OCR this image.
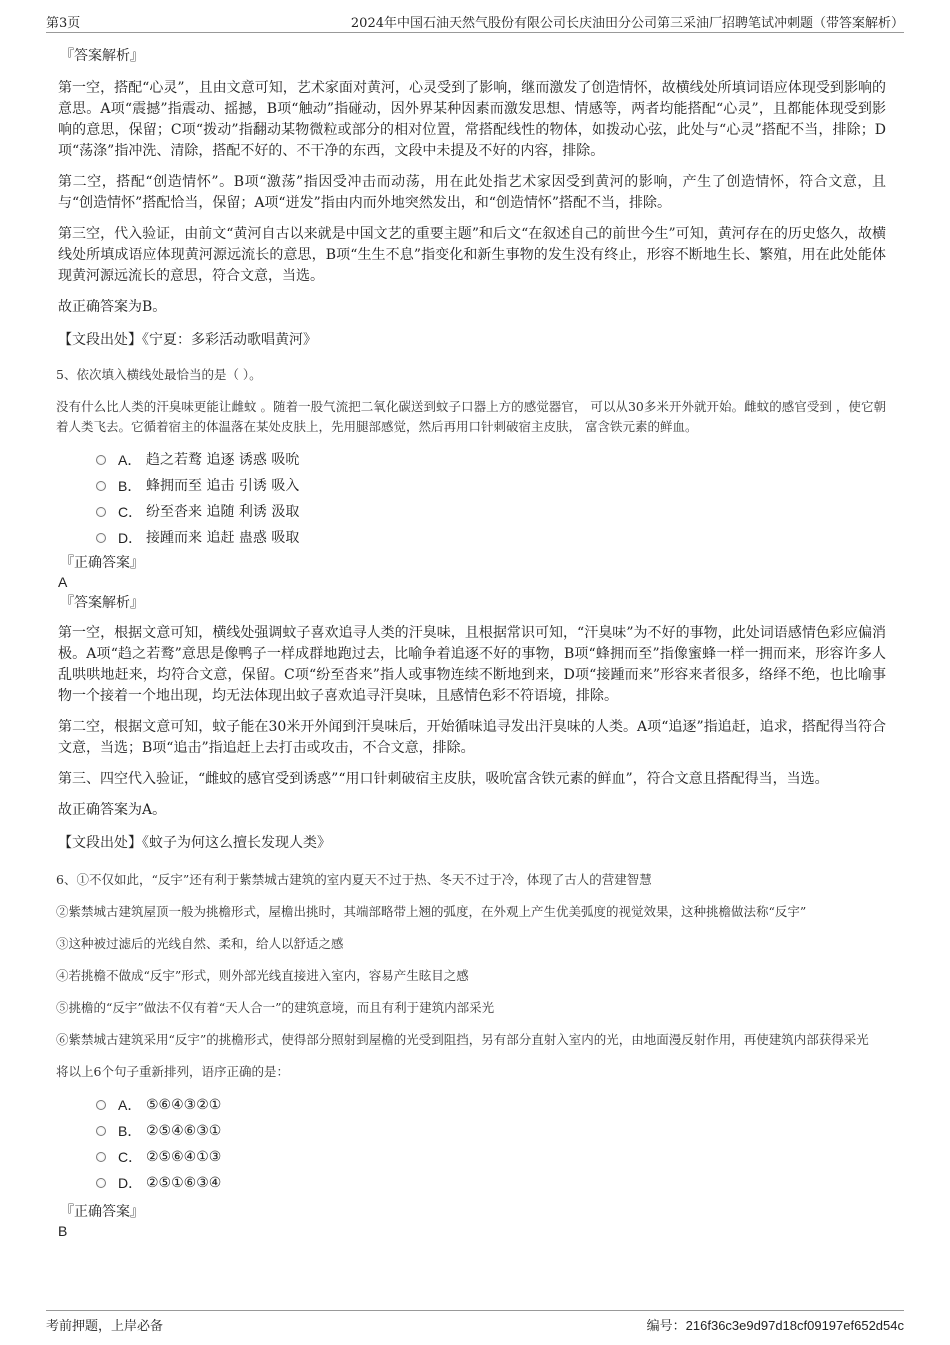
第3页	2024年中国石油天然气股份有限公司长庆油田分公司第三采油厂招聘笔试冲刺题（带答案解析）
『答案解析』
第一空，搭配“心灵”，且由文意可知，艺术家面对黄河，心灵受到了影响，继而激发了创造情怀，故横线处所填词语应体现受到影响的意思。A项“震撼”指震动、摇撼，B项“触动”指碰动，因外界某种因素而激发思想、情感等，两者均能搭配“心灵”，且都能体现受到影响的意思，保留；C项“拨动”指翻动某物微粒或部分的相对位置，常搭配线性的物体，如拨动心弦，此处与“心灵”搭配不当，排除；D项“荡涤”指冲洗、清除，搭配不好的、不干净的东西，文段中未提及不好的内容，排除。
第二空，搭配“创造情怀”。B项“激荡”指因受冲击而动荡，用在此处指艺术家因受到黄河的影响，产生了创造情怀，符合文意，且与“创造情怀”搭配恰当，保留；A项“迸发”指由内而外地突然发出，和“创造情怀”搭配不当，排除。
第三空，代入验证，由前文“黄河自古以来就是中国文艺的重要主题”和后文“在叙述自己的前世今生”可知，黄河存在的历史悠久，故横线处所填成语应体现黄河源远流长的意思，B项“生生不息”指变化和新生事物的发生没有终止，形容不断地生长、繁殖，用在此处能体现黄河源远流长的意思，符合文意，当选。
故正确答案为B。
【文段出处】《宁夏：多彩活动歌唱黄河》
5、依次填入横线处最恰当的是（ ）。
没有什么比人类的汗臭味更能让雌蚊 。随着一股气流把二氧化碳送到蚊子口器上方的感觉器官， 可以从30多米开外就开始。雌蚊的感官受到 ，使它朝着人类飞去。它循着宿主的体温落在某处皮肤上，先用腿部感觉，然后再用口针刺破宿主皮肤， 富含铁元素的鲜血。
A． 趋之若鹜 追逐 诱惑 吸吮
B． 蜂拥而至 追击 引诱 吸入
C． 纷至沓来 追随 利诱 汲取
D． 接踵而来 追赶 蛊惑 吸取
『正确答案』
A
『答案解析』
第一空，根据文意可知，横线处强调蚊子喜欢追寻人类的汗臭味，且根据常识可知，“汗臭味”为不好的事物，此处词语感情色彩应偏消极。A项“趋之若鹜”意思是像鸭子一样成群地跑过去，比喻争着追逐不好的事物，B项“蜂拥而至”指像蜜蜂一样一拥而来，形容许多人乱哄哄地赶来，均符合文意，保留。C项“纷至沓来”指人或事物连续不断地到来，D项“接踵而来”形容来者很多，络绎不绝，也比喻事物一个接着一个地出现，均无法体现出蚊子喜欢追寻汗臭味，且感情色彩不符语境，排除。
第二空，根据文意可知，蚊子能在30米开外闻到汗臭味后，开始循味追寻发出汗臭味的人类。A项“追逐”指追赶，追求，搭配得当符合文意，当选；B项“追击”指追赶上去打击或攻击，不合文意，排除。
第三、四空代入验证，“雌蚊的感官受到诱惑”“用口针刺破宿主皮肤，吸吮富含铁元素的鲜血”，符合文意且搭配得当，当选。
故正确答案为A。
【文段出处】《蚊子为何这么擅长发现人类》
6、①不仅如此，“反宇”还有利于紫禁城古建筑的室内夏天不过于热、冬天不过于冷，体现了古人的营建智慧
②紫禁城古建筑屋顶一般为挑檐形式，屋檐出挑时，其端部略带上翘的弧度，在外观上产生优美弧度的视觉效果，这种挑檐做法称“反宇”
③这种被过滤后的光线自然、柔和，给人以舒适之感
④若挑檐不做成“反宇”形式，则外部光线直接进入室内，容易产生眩目之感
⑤挑檐的“反宇”做法不仅有着“天人合一”的建筑意境，而且有利于建筑内部采光
⑥紫禁城古建筑采用“反宇”的挑檐形式，使得部分照射到屋檐的光受到阻挡，另有部分直射入室内的光，由地面漫反射作用，再使建筑内部获得采光
将以上6个句子重新排列，语序正确的是：
A． ⑤⑥④③②①
B． ②⑤④⑥③①
C． ②⑤⑥④①③
D． ②⑤①⑥③④
『正确答案』
B
考前押题，上岸必备	编号：216f36c3e9d97d18cf09197ef652d54c
